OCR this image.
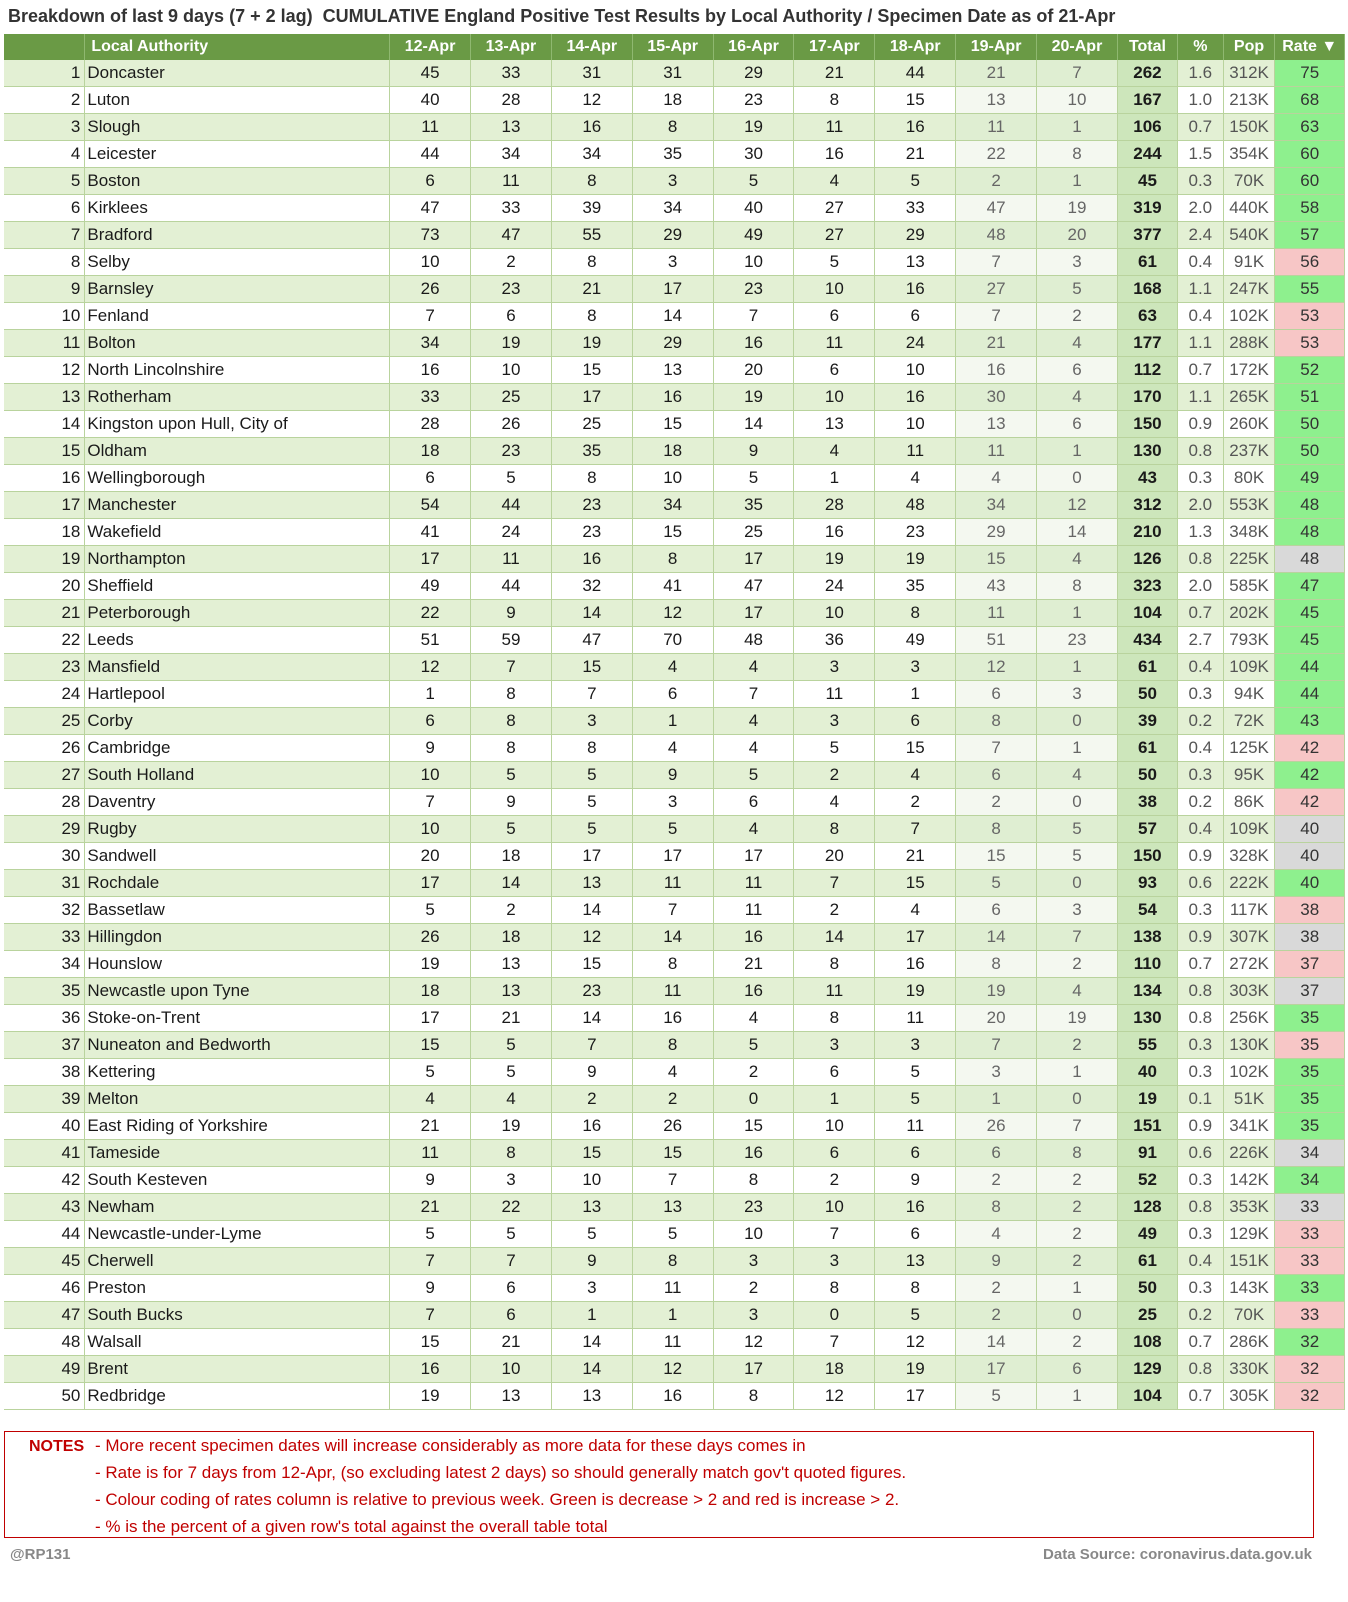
Breakdown of last 9 days (7 + 2 lag)  CUMULATIVE England Positive Test Results by Local Authority / Specimen Date as of 21-Apr
	Local Authority	12-Apr	13-Apr	14-Apr	15-Apr	16-Apr	17-Apr	18-Apr	19-Apr	20-Apr	Total	%	Pop	Rate ▼
1	Doncaster	45	33	31	31	29	21	44	21	7	262	1.6	312K	75
2	Luton	40	28	12	18	23	8	15	13	10	167	1.0	213K	68
3	Slough	11	13	16	8	19	11	16	11	1	106	0.7	150K	63
4	Leicester	44	34	34	35	30	16	21	22	8	244	1.5	354K	60
5	Boston	6	11	8	3	5	4	5	2	1	45	0.3	70K	60
6	Kirklees	47	33	39	34	40	27	33	47	19	319	2.0	440K	58
7	Bradford	73	47	55	29	49	27	29	48	20	377	2.4	540K	57
8	Selby	10	2	8	3	10	5	13	7	3	61	0.4	91K	56
9	Barnsley	26	23	21	17	23	10	16	27	5	168	1.1	247K	55
10	Fenland	7	6	8	14	7	6	6	7	2	63	0.4	102K	53
11	Bolton	34	19	19	29	16	11	24	21	4	177	1.1	288K	53
12	North Lincolnshire	16	10	15	13	20	6	10	16	6	112	0.7	172K	52
13	Rotherham	33	25	17	16	19	10	16	30	4	170	1.1	265K	51
14	Kingston upon Hull, City of	28	26	25	15	14	13	10	13	6	150	0.9	260K	50
15	Oldham	18	23	35	18	9	4	11	11	1	130	0.8	237K	50
16	Wellingborough	6	5	8	10	5	1	4	4	0	43	0.3	80K	49
17	Manchester	54	44	23	34	35	28	48	34	12	312	2.0	553K	48
18	Wakefield	41	24	23	15	25	16	23	29	14	210	1.3	348K	48
19	Northampton	17	11	16	8	17	19	19	15	4	126	0.8	225K	48
20	Sheffield	49	44	32	41	47	24	35	43	8	323	2.0	585K	47
21	Peterborough	22	9	14	12	17	10	8	11	1	104	0.7	202K	45
22	Leeds	51	59	47	70	48	36	49	51	23	434	2.7	793K	45
23	Mansfield	12	7	15	4	4	3	3	12	1	61	0.4	109K	44
24	Hartlepool	1	8	7	6	7	11	1	6	3	50	0.3	94K	44
25	Corby	6	8	3	1	4	3	6	8	0	39	0.2	72K	43
26	Cambridge	9	8	8	4	4	5	15	7	1	61	0.4	125K	42
27	South Holland	10	5	5	9	5	2	4	6	4	50	0.3	95K	42
28	Daventry	7	9	5	3	6	4	2	2	0	38	0.2	86K	42
29	Rugby	10	5	5	5	4	8	7	8	5	57	0.4	109K	40
30	Sandwell	20	18	17	17	17	20	21	15	5	150	0.9	328K	40
31	Rochdale	17	14	13	11	11	7	15	5	0	93	0.6	222K	40
32	Bassetlaw	5	2	14	7	11	2	4	6	3	54	0.3	117K	38
33	Hillingdon	26	18	12	14	16	14	17	14	7	138	0.9	307K	38
34	Hounslow	19	13	15	8	21	8	16	8	2	110	0.7	272K	37
35	Newcastle upon Tyne	18	13	23	11	16	11	19	19	4	134	0.8	303K	37
36	Stoke-on-Trent	17	21	14	16	4	8	11	20	19	130	0.8	256K	35
37	Nuneaton and Bedworth	15	5	7	8	5	3	3	7	2	55	0.3	130K	35
38	Kettering	5	5	9	4	2	6	5	3	1	40	0.3	102K	35
39	Melton	4	4	2	2	0	1	5	1	0	19	0.1	51K	35
40	East Riding of Yorkshire	21	19	16	26	15	10	11	26	7	151	0.9	341K	35
41	Tameside	11	8	15	15	16	6	6	6	8	91	0.6	226K	34
42	South Kesteven	9	3	10	7	8	2	9	2	2	52	0.3	142K	34
43	Newham	21	22	13	13	23	10	16	8	2	128	0.8	353K	33
44	Newcastle-under-Lyme	5	5	5	5	10	7	6	4	2	49	0.3	129K	33
45	Cherwell	7	7	9	8	3	3	13	9	2	61	0.4	151K	33
46	Preston	9	6	3	11	2	8	8	2	1	50	0.3	143K	33
47	South Bucks	7	6	1	1	3	0	5	2	0	25	0.2	70K	33
48	Walsall	15	21	14	11	12	7	12	14	2	108	0.7	286K	32
49	Brent	16	10	14	12	17	18	19	17	6	129	0.8	330K	32
50	Redbridge	19	13	13	16	8	12	17	5	1	104	0.7	305K	32
NOTES - More recent specimen dates will increase considerably as more data for these days comes in
- Rate is for 7 days from 12-Apr, (so excluding latest 2 days) so should generally match gov't quoted figures.
- Colour coding of rates column is relative to previous week. Green is decrease > 2 and red is increase > 2.
- % is the percent of a given row's total against the overall table total
@RP131	Data Source: coronavirus.data.gov.uk
